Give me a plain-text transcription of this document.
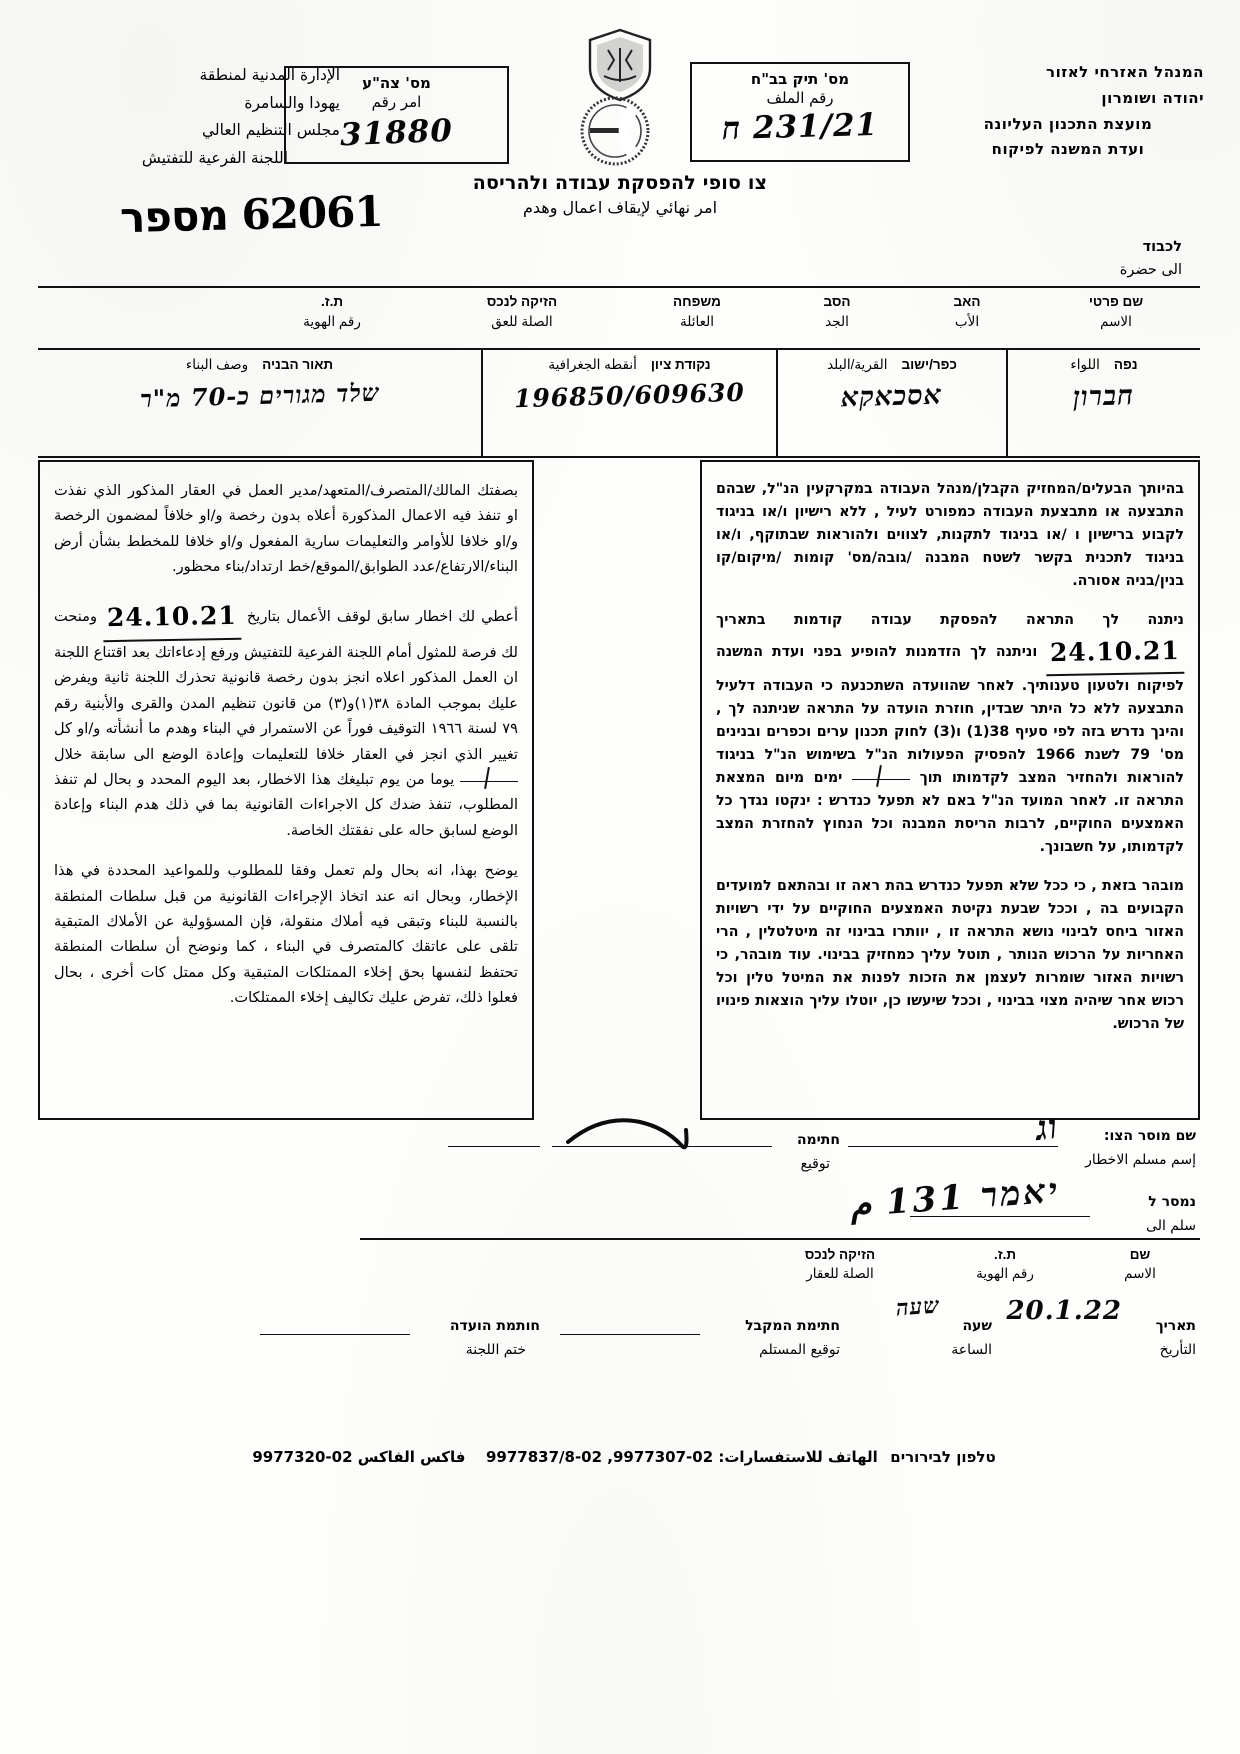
המנהל האזרחי לאזור
יהודה ושומרון
מועצת התכנון העליונה
ועדת המשנה לפיקוח
الإدارة المدنية لمنطقة
يهودا والسامرة
مجلس التنظيم العالي
اللجنة الفرعية للتفتيش
מס' תיק בב"ח
رقم الملف
231/21 ח
מס' צה"ע
امر رقم
31880
צו סופי להפסקת עבודה ולהריסה
امر نهائي لإيقاف اعمال وهدم
62061 מספר
לכבוד
الى حضرة
שם פרטי
الاسم
האב
الأب
הסב
الجد
משפחה
العائلة
הזיקה לנכס
الصلة للعق
ת.ז.
رقم الهوية
נפה
اللواء
חברון
כפר/ישוב
القرية/البلد
אסכאקא
נקודת ציון
أنقطه الجغرافية
196850/609630
תאור הבניה
وصف البناء
שלד מגורים כ-70 מ"ר

בהיותך הבעלים/המחזיק הקבלן/מנהל העבודה במקרקעין הנ"ל, שבהם התבצעה או מתבצעת העבודה כמפורט לעיל , ללא רישיון ו/או בניגוד לקבוע ברישיון ו /או בניגוד לתקנות, לצווים ולהוראות שבתוקף, ו/או בניגוד לתכנית בקשר לשטח המבנה /גובה/מס' קומות /מיקום/קו בנין/בניה אסורה.

ניתנה לך התראה להפסקת עבודה קודמות בתאריך 24.10.21 וניתנה לך הזדמנות להופיע בפני ועדת המשנה לפיקוח ולטעון טענותיך. לאחר שהוועדה השתכנעה כי העבודה דלעיל התבצעה ללא כל היתר שבדין, חוזרת הועדה על התראה שניתנה לך , והינך נדרש בזה לפי סעיף 38(1) ו(3) לחוק תכנון ערים וכפרים ובנינים מס' 79 לשנת 1966 להפסיק הפעולות הנ"ל בשימוש הנ"ל בניגוד להוראות ולהחזיר המצב לקדמותו תוך  ימים מיום המצאת התראה זו. לאחר המועד הנ"ל באם לא תפעל כנדרש : ינקטו נגדך כל האמצעים החוקיים, לרבות הריסת המבנה וכל הנחוץ להחזרת המצב לקדמותו, על חשבונך.

מובהר בזאת , כי ככל שלא תפעל כנדרש בהת ראה זו ובהתאם למועדים הקבועים בה , וככל שבעת נקיטת האמצעים החוקיים על ידי רשויות האזור ביחס לבינוי נושא התראה זו , יוותרו בבינוי זה מיטלטלין , הרי האחריות על הרכוש הנותר , תוטל עליך כמחזיק בבינוי. עוד מובהר, כי רשויות האזור שומרות לעצמן את הזכות לפנות את המיטל טלין וכל רכוש אחר שיהיה מצוי בבינוי , וככל שיעשו כן, יוטלו עליך הוצאות פינויו של הרכוש.

بصفتك المالك/المتصرف/المتعهد/مدير العمل في العقار المذكور الذي نفذت او تنفذ فيه الاعمال المذكورة أعلاه بدون رخصة و/او خلافاً لمضمون الرخصة و/او خلافا للأوامر والتعليمات سارية المفعول و/او خلافا للمخطط بشأن أرض البناء/الارتفاع/عدد الطوابق/الموقع/خط ارتداد/بناء محظور.

أعطي لك اخطار سابق لوقف الأعمال بتاريخ 24.10.21 ومنحت لك فرصة للمثول أمام اللجنة الفرعية للتفتيش ورفع إدعاءاتك بعد اقتناع اللجنة ان العمل المذكور اعلاه انجز بدون رخصة قانونية تحذرك اللجنة ثانية ويفرض عليك بموجب المادة ٣٨(١)و(٣) من قانون تنظيم المدن والقرى والأبنية رقم ٧٩ لسنة ١٩٦٦ التوقيف فوراً عن الاستمرار في البناء وهدم ما أنشأته و/او كل تغيير الذي انجز في العقار خلافا للتعليمات وإعادة الوضع الى سابقة خلال  يوما من يوم تبليغك هذا الاخطار، بعد اليوم المحدد و بحال لم تنفذ المطلوب، تنفذ ضدك كل الاجراءات القانونية بما في ذلك هدم البناء وإعادة الوضع لسابق حاله على نفقتك الخاصة.

يوضح بهذا، انه بحال ولم تعمل وفقا للمطلوب وللمواعيد المحددة في هذا الإخطار، وبحال انه عند اتخاذ الإجراءات القانونية من قبل سلطات المنطقة بالنسبة للبناء وتبقى فيه أملاك منقولة، فإن المسؤولية عن الأملاك المتبقية تلقى على عاتقك كالمتصرف في البناء ، كما ونوضح أن سلطات المنطقة تحتفظ لنفسها بحق إخلاء الممتلكات المتبقية وكل ممتل كات أخرى ، بحال فعلوا ذلك، تفرض عليك تكاليف إخلاء الممتلكات.

שם מוסר הצו:
إسم مسلم الاخطار
וג
חתימה
توقيع
נמסר ל
سلم الى
יאמר 131 م
שם
الاسم
ת.ז.
رقم الهوية
הזיקה לנכס
الصلة للعقار
תאריך
التأريخ
20.1.22
שעה
الساعة
שעה
חתימת המקבל
توقيع المستلم
חותמת הועדה
ختم اللجنة
טלפון לבירורים الهاتف للاستفسارات: 02-9977307, 02-9977837/8 فاكس الفاكس 02-9977320
